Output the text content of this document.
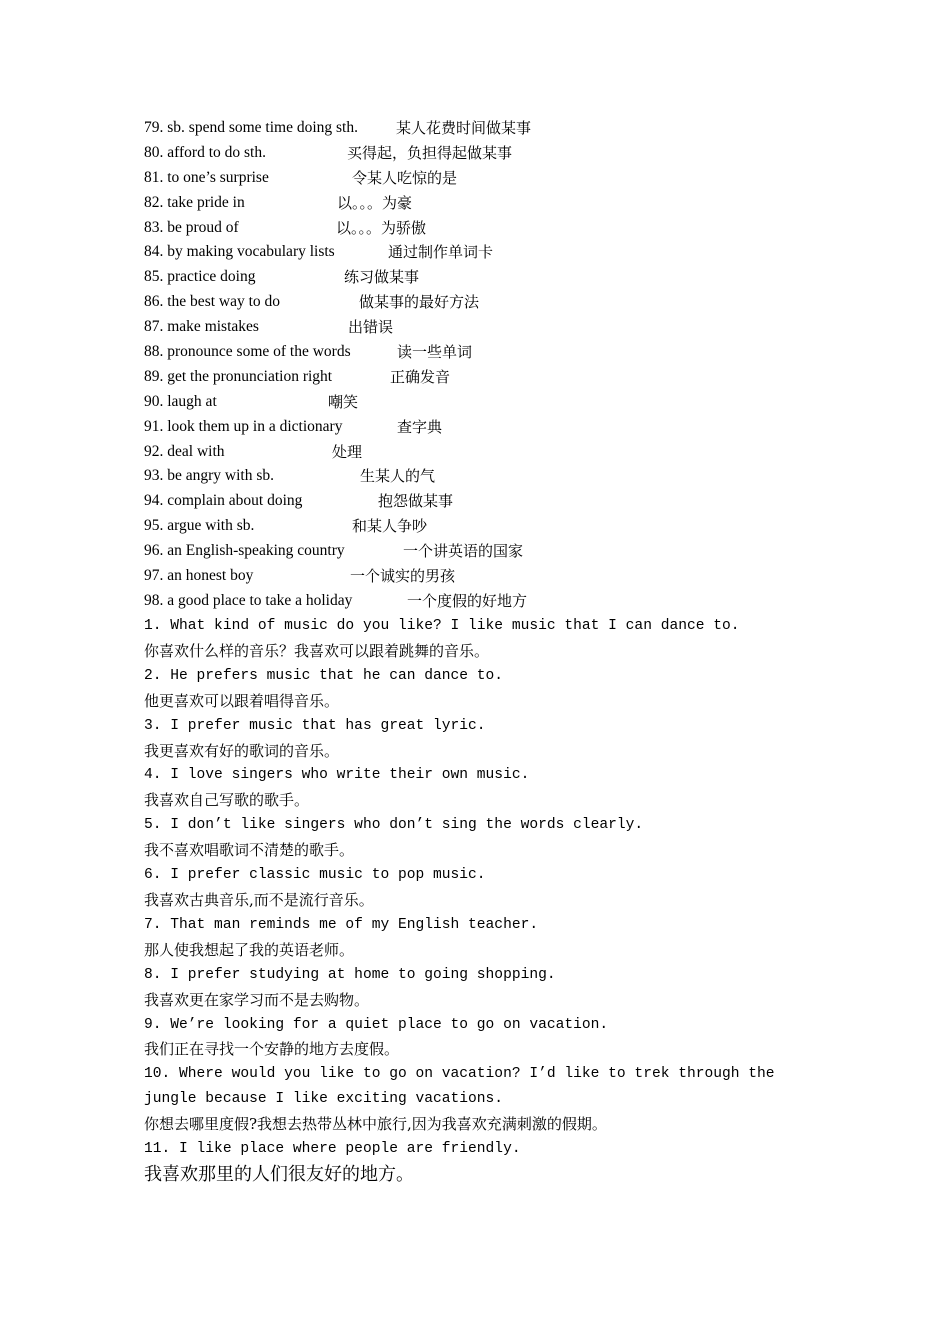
79. sb. spend some time doing sth.	某人花费时间做某事
80. afford to do sth.	买得起，负担得起做某事
81. to one’s surprise	令某人吃惊的是
82. take pride in	以。。。为豪
83. be proud of	以。。。为骄傲
84. by making vocabulary lists	通过制作单词卡
85. practice doing	练习做某事
86. the best way to do	做某事的最好方法
87. make mistakes	出错误
88. pronounce some of the words	读一些单词
89. get the pronunciation right	正确发音
90. laugh at	嘲笑
91. look them up in a dictionary	查字典
92. deal with	处理
93. be angry with sb.	生某人的气
94. complain about doing	抱怨做某事
95. argue with sb.	和某人争吵
96. an English-speaking country	一个讲英语的国家
97. an honest boy	一个诚实的男孩
98. a good place to take a holiday	一个度假的好地方
1. What kind of music do you like? I like music that I can dance to.
你喜欢什么样的音乐？我喜欢可以跟着跳舞的音乐。
2. He prefers music that he can dance to.
他更喜欢可以跟着唱得音乐。
3. I prefer music that has great lyric.
我更喜欢有好的歌词的音乐。
4. I love singers who write their own music.
我喜欢自己写歌的歌手。
5. I don’t like singers who don’t sing the words clearly.
我不喜欢唱歌词不清楚的歌手。
6. I prefer classic music to pop music.
我喜欢古典音乐,而不是流行音乐。
7. That man reminds me of my English teacher.
那人使我想起了我的英语老师。
8. I prefer studying at home to going shopping.
我喜欢更在家学习而不是去购物。
9. We’re looking for a quiet place to go on vacation.
我们正在寻找一个安静的地方去度假。
10. Where would you like to go on vacation? I’d like to trek through the jungle because I like exciting vacations.
你想去哪里度假?我想去热带丛林中旅行,因为我喜欢充满刺激的假期。
11. I like place where people are friendly.
我喜欢那里的人们很友好的地方。
